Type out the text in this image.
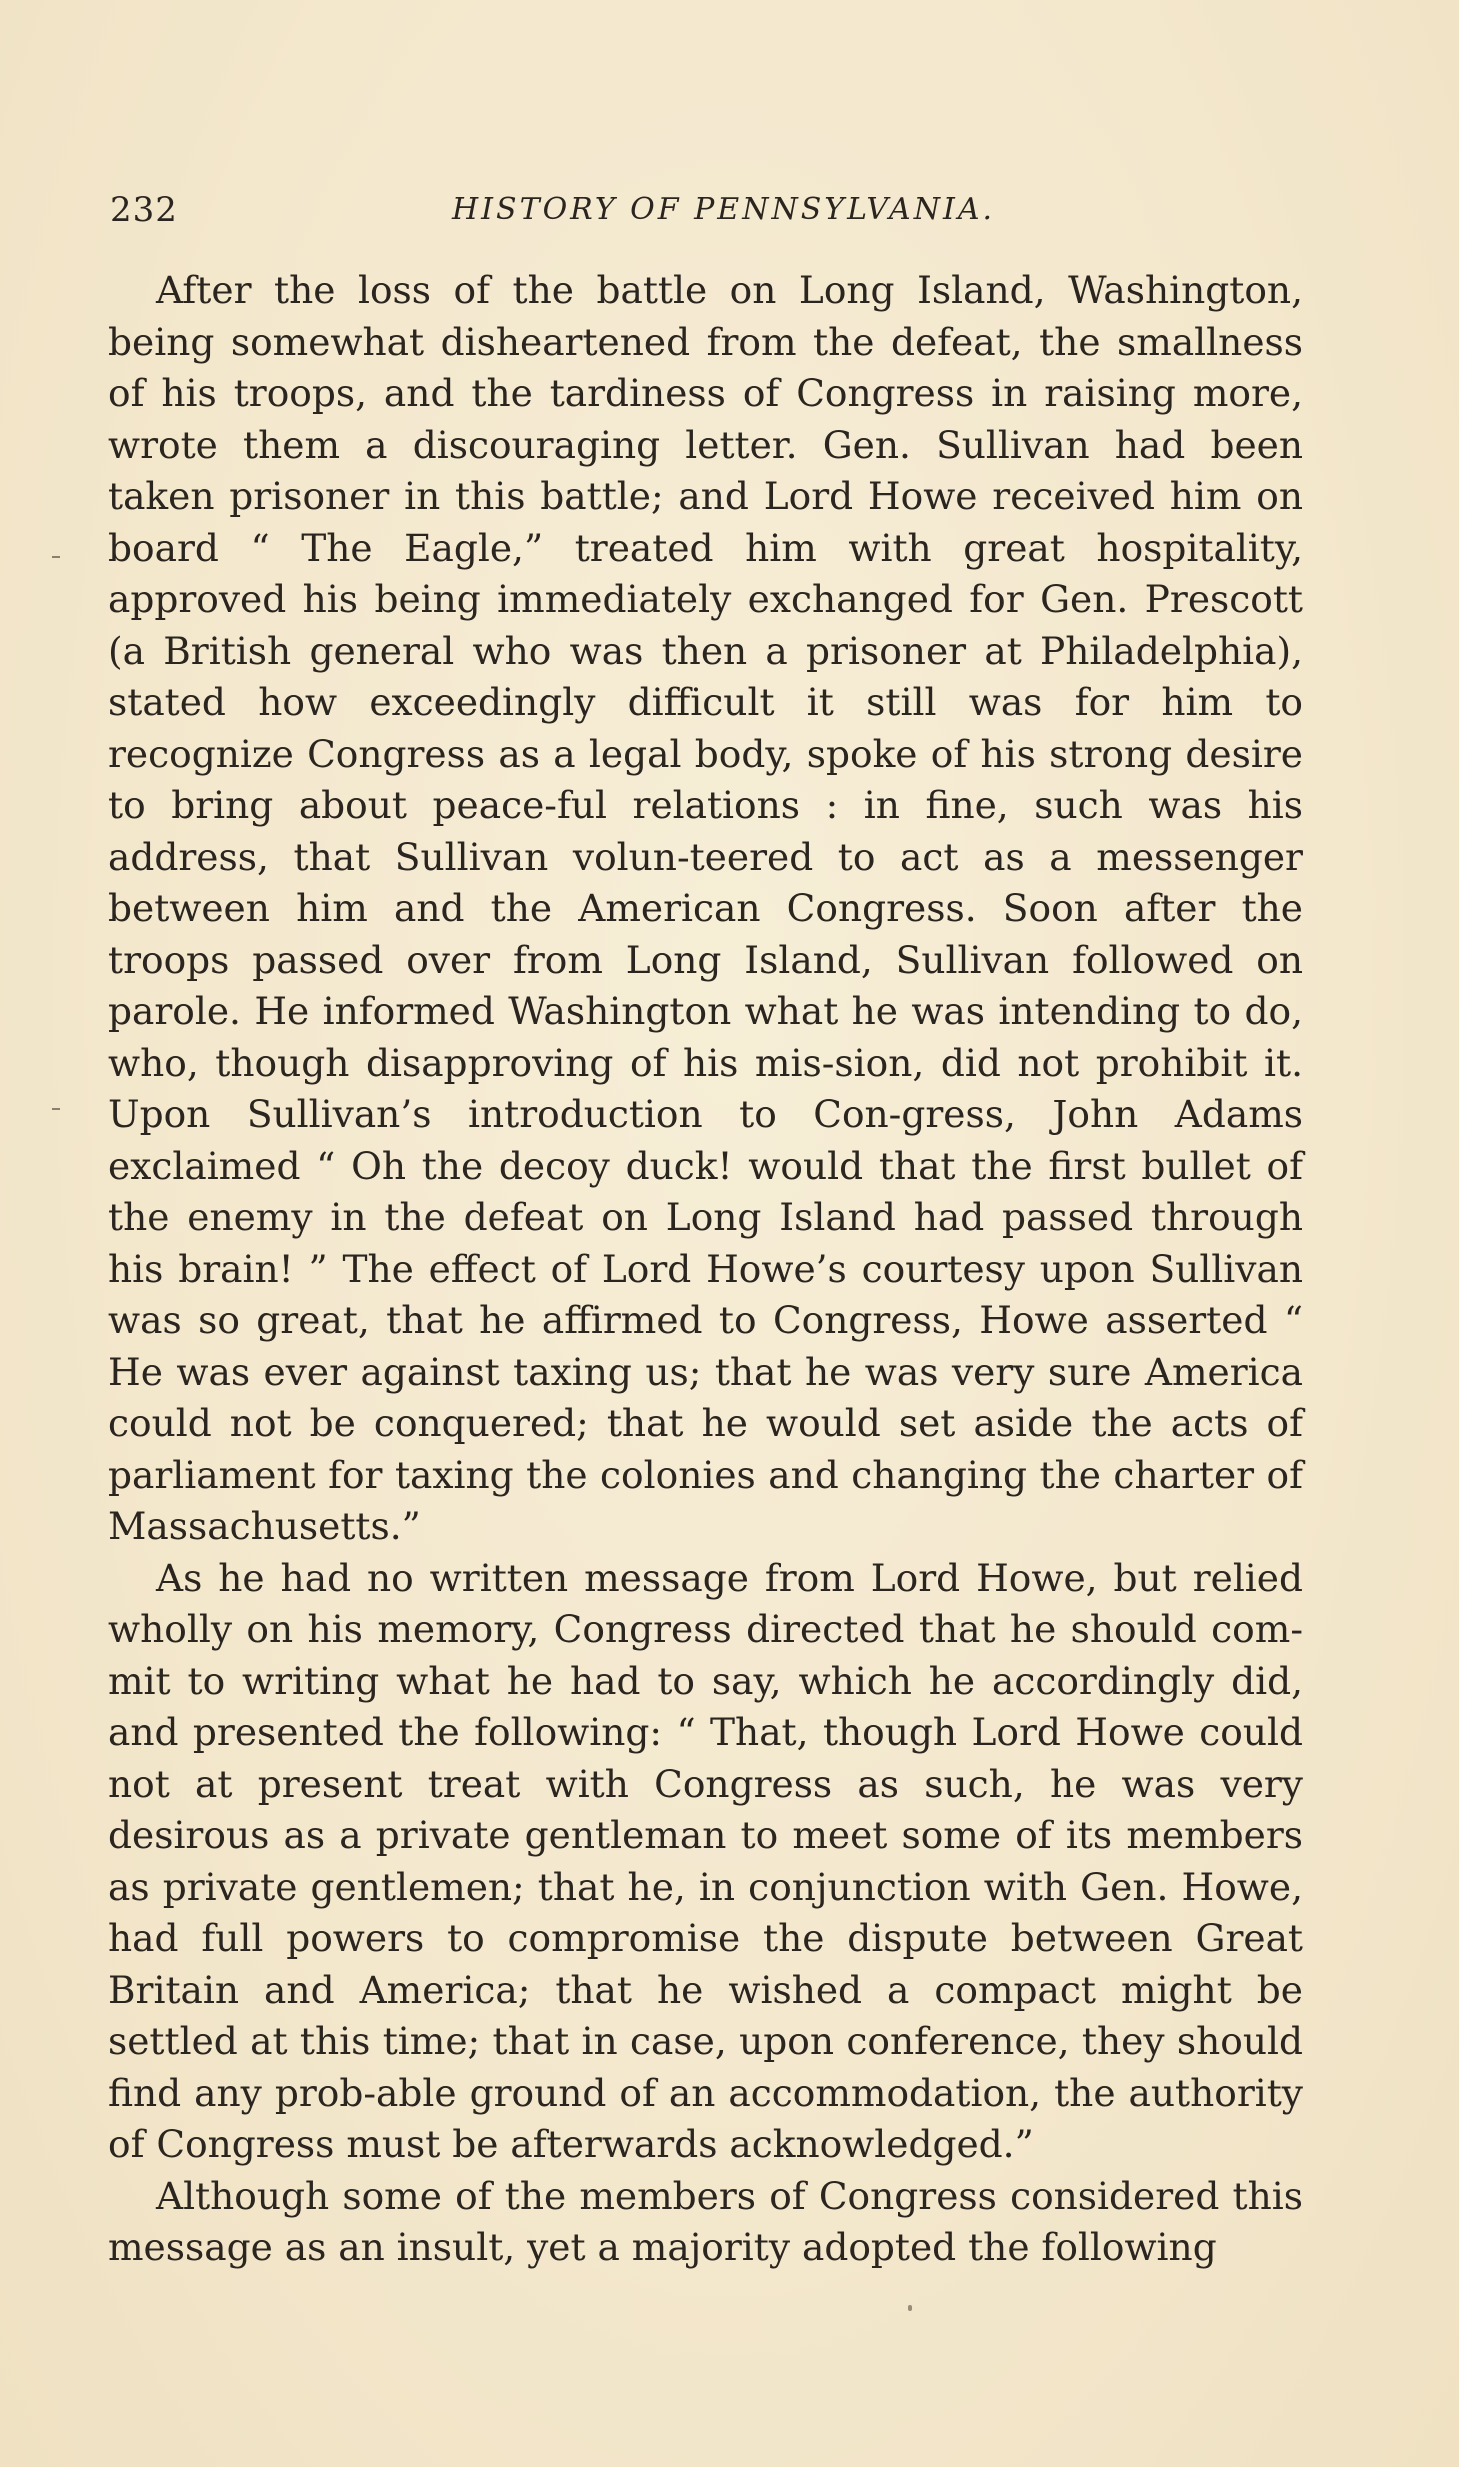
232	HISTORY OF PENNSYLVANIA.

After the loss of the battle on Long Island, Washington, being somewhat disheartened from the defeat, the smallness of his troops, and the tardiness of Congress in raising more, wrote them a discouraging letter. Gen. Sullivan had been taken prisoner in this battle; and Lord Howe received him on board “ The Eagle,” treated him with great hospitality, approved his being immediately exchanged for Gen. Prescott (a British general who was then a prisoner at Philadelphia), stated how exceedingly difficult it still was for him to recognize Congress as a legal body, spoke of his strong desire to bring about peace-ful relations : in fine, such was his address, that Sullivan volun-teered to act as a messenger between him and the American Congress. Soon after the troops passed over from Long Island, Sullivan followed on parole. He informed Washington what he was intending to do, who, though disapproving of his mis-sion, did not prohibit it. Upon Sullivan’s introduction to Con-gress, John Adams exclaimed “ Oh the decoy duck! would that the first bullet of the enemy in the defeat on Long Island had passed through his brain! ” The effect of Lord Howe’s courtesy upon Sullivan was so great, that he affirmed to Congress, Howe asserted “ He was ever against taxing us; that he was very sure America could not be conquered; that he would set aside the acts of parliament for taxing the colonies and changing the charter of Massachusetts.”

As he had no written message from Lord Howe, but relied wholly on his memory, Congress directed that he should com-mit to writing what he had to say, which he accordingly did, and presented the following: “ That, though Lord Howe could not at present treat with Congress as such, he was very desirous as a private gentleman to meet some of its members as private gentlemen; that he, in conjunction with Gen. Howe, had full powers to compromise the dispute between Great Britain and America; that he wished a compact might be settled at this time; that in case, upon conference, they should find any prob-able ground of an accommodation, the authority of Congress must be afterwards acknowledged.”

Although some of the members of Congress considered this message as an insult, yet a majority adopted the following
